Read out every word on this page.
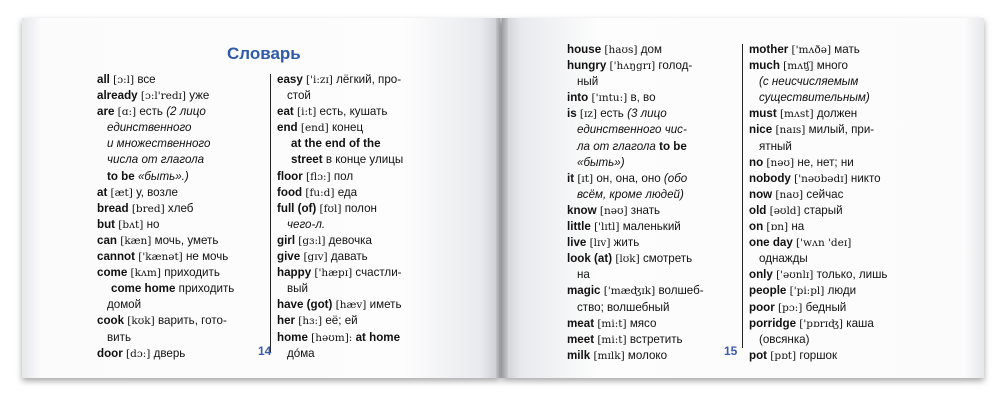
Словарь
all [ɔ:l] все
already [ɔ:l'redɪ] уже
are [ɑ:] есть (2 лицо
единственного
и множественного
числа от глагола
to be «быть».)
at [æt] у, возле
bread [bred] хлеб
but [bʌt] но
can [kæn] мочь, уметь
cannot ['kænət] не мочь
come [kʌm] приходить
come home приходить
домой
cook [kʊk] варить, гото-
вить
door [dɔ:] дверь
easy ['i:zɪ] лёгкий, про-
стой
eat [i:t] есть, кушать
end [end] конец
at the end of the
street в конце улицы
floor [flɔ:] пол
food [fu:d] еда
full (of) [fʊl] полон
чего-л.
girl [gɜ:l] девочка
give [gɪv] давать
happy ['hæpɪ] счастли-
вый
have (got) [hæv] иметь
her [hɜ:] её; ей
home [həʊm]: at home
дóма
house [haʊs] дом
hungry ['hʌŋgrɪ] голод-
ный
into ['ɪntu:] в, во
is [ɪz] есть (3 лицо
единственного чис-
ла от глагола to be
«быть»)
it [ɪt] он, она, оно (обо
всём, кроме людей)
know [nəʊ] знать
little ['lɪtl] маленький
live [lɪv] жить
look (at) [lʊk] смотреть
на
magic ['mæʤɪk] волшеб-
ство; волшебный
meat [mi:t] мясо
meet [mi:t] встретить
milk [mɪlk] молоко
mother ['mʌðə] мать
much [mʌʧ] много
(с неисчисляемым
существительным)
must [mʌst] должен
nice [naɪs] милый, при-
ятный
no [nəʊ] не, нет; ни
nobody ['nəʊbədɪ] никто
now [naʊ] сейчас
old [əʊld] старый
on [ɒn] на
one day ['wʌn 'deɪ]
однажды
only ['əʊnlɪ] только, лишь
people ['pi:pl] люди
poor [pɔ:] бедный
porridge ['pɒrɪʤ] каша
(овсянка)
pot [pɒt] горшок
14	15
